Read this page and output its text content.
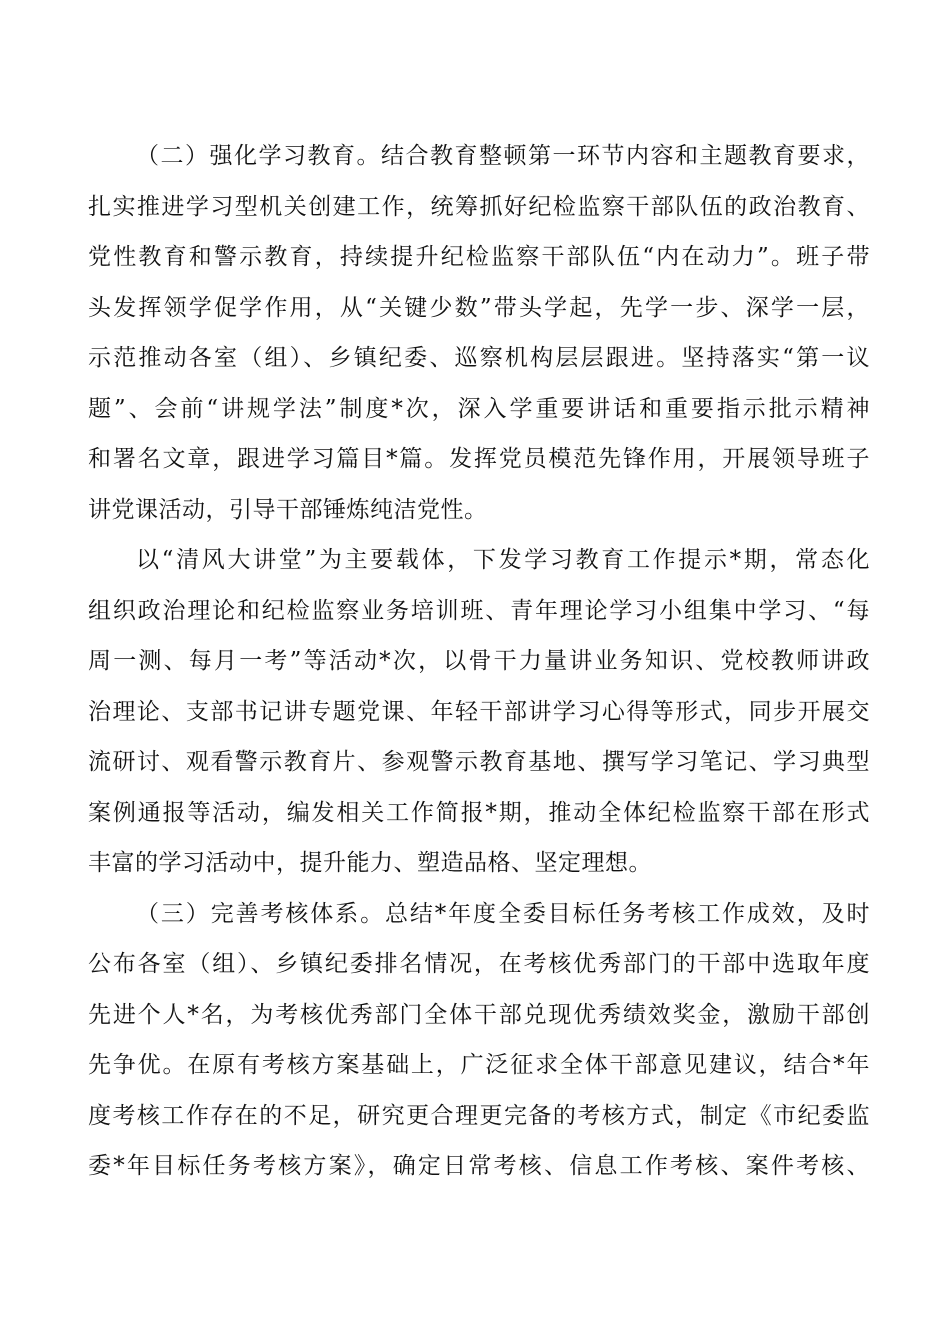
（二）强化学习教育。结合教育整顿第一环节内容和主题教育要求，
扎实推进学习型机关创建工作，统筹抓好纪检监察干部队伍的政治教育、
党性教育和警示教育，持续提升纪检监察干部队伍“内在动力”。班子带
头发挥领学促学作用，从“关键少数”带头学起，先学一步、深学一层，
示范推动各室（组）、乡镇纪委、巡察机构层层跟进。坚持落实“第一议
题”、会前“讲规学法”制度*次，深入学重要讲话和重要指示批示精神
和署名文章，跟进学习篇目*篇。发挥党员模范先锋作用，开展领导班子
讲党课活动，引导干部锤炼纯洁党性。
以“清风大讲堂”为主要载体，下发学习教育工作提示*期，常态化
组织政治理论和纪检监察业务培训班、青年理论学习小组集中学习、“每
周一测、每月一考”等活动*次，以骨干力量讲业务知识、党校教师讲政
治理论、支部书记讲专题党课、年轻干部讲学习心得等形式，同步开展交
流研讨、观看警示教育片、参观警示教育基地、撰写学习笔记、学习典型
案例通报等活动，编发相关工作简报*期，推动全体纪检监察干部在形式
丰富的学习活动中，提升能力、塑造品格、坚定理想。
（三）完善考核体系。总结*年度全委目标任务考核工作成效，及时
公布各室（组）、乡镇纪委排名情况，在考核优秀部门的干部中选取年度
先进个人*名，为考核优秀部门全体干部兑现优秀绩效奖金，激励干部创
先争优。在原有考核方案基础上，广泛征求全体干部意见建议，结合*年
度考核工作存在的不足，研究更合理更完备的考核方式，制定《市纪委监
委*年目标任务考核方案》，确定日常考核、信息工作考核、案件考核、
